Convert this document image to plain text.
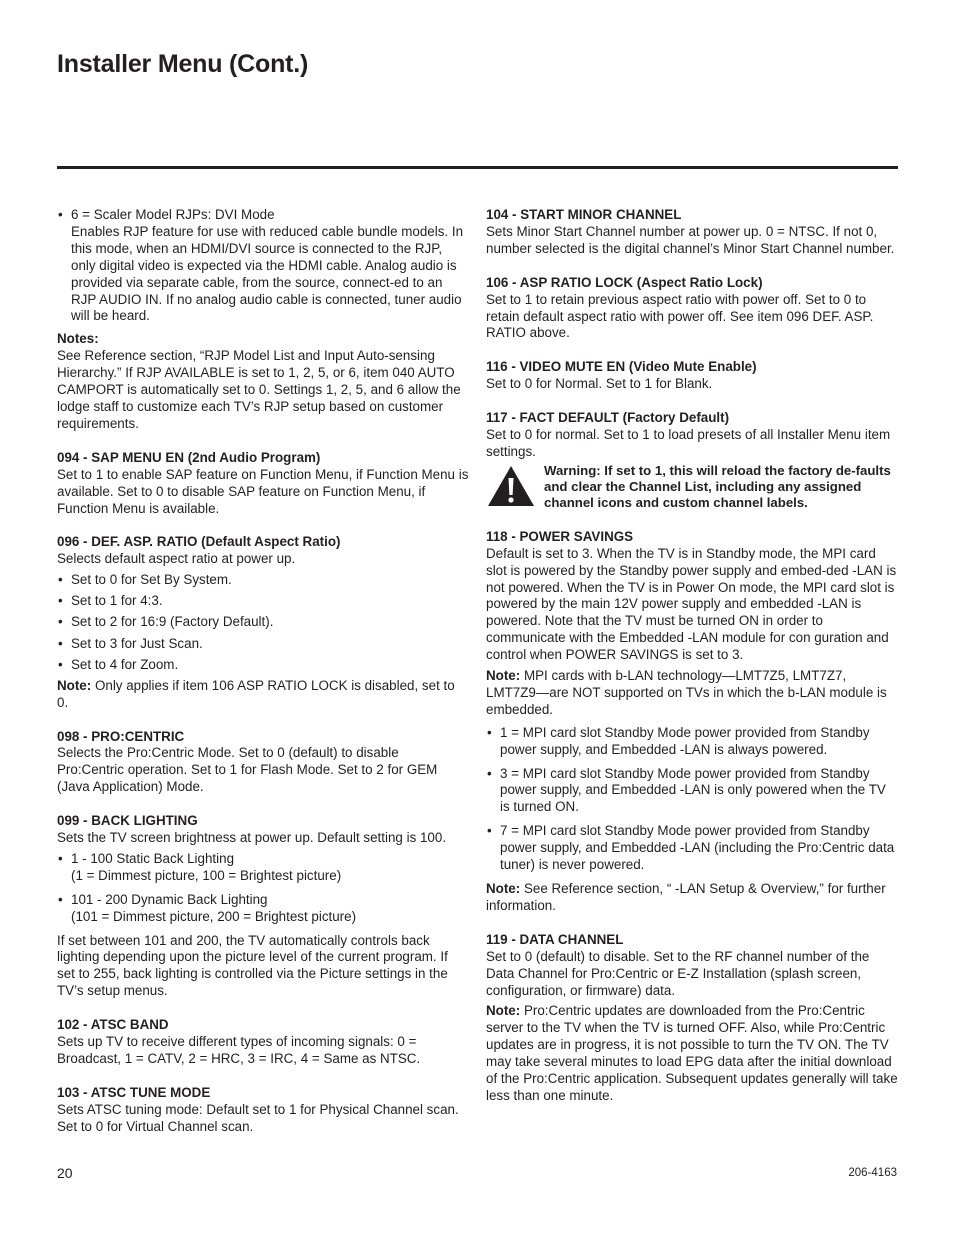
Installer Menu (Cont.)
• 6 = Scaler Model RJPs: DVI Mode
Enables RJP feature for use with reduced cable bundle models. In this mode, when an HDMI/DVI source is connected to the RJP, only digital video is expected via the HDMI cable. Analog audio is provided via separate cable, from the source, connect-ed to an RJP AUDIO IN. If no analog audio cable is connected, tuner audio will be heard.
Notes:

See Reference section, “RJP Model List and Input Auto-sensing Hierarchy.” If RJP AVAILABLE is set to 1, 2, 5, or 6, item 040 AUTO CAMPORT is automatically set to 0. Settings 1, 2, 5, and 6 allow the lodge staff to customize each TV’s RJP setup based on customer requirements.

094 - SAP MENU EN (2nd Audio Program)

Set to 1 to enable SAP feature on Function Menu, if Function Menu is available. Set to 0 to disable SAP feature on Function Menu, if Function Menu is available.

096 - DEF. ASP. RATIO (Default Aspect Ratio)

Selects default aspect ratio at power up.

• Set to 0 for Set By System.
• Set to 1 for 4:3.
• Set to 2 for 16:9 (Factory Default).
• Set to 3 for Just Scan.
• Set to 4 for Zoom.

Note: Only applies if item 106 ASP RATIO LOCK is disabled, set to 0.

098 - PRO:CENTRIC

Selects the Pro:Centric Mode. Set to 0 (default) to disable Pro:Centric operation. Set to 1 for Flash Mode. Set to 2 for GEM (Java Application) Mode.

099 - BACK LIGHTING

Sets the TV screen brightness at power up. Default setting is 100.

• 1 - 100 Static Back Lighting
(1 = Dimmest picture, 100 = Brightest picture)
• 101 - 200 Dynamic Back Lighting
(101 = Dimmest picture, 200 = Brightest picture)

If set between 101 and 200, the TV automatically controls back lighting depending upon the picture level of the current program. If set to 255, back lighting is controlled via the Picture settings in the TV’s setup menus.

102 - ATSC BAND

Sets up TV to receive different types of incoming signals: 0 = Broadcast, 1 = CATV, 2 = HRC, 3 = IRC, 4 = Same as NTSC.

103 - ATSC TUNE MODE

Sets ATSC tuning mode: Default set to 1 for Physical Channel scan. Set to 0 for Virtual Channel scan.

104 - START MINOR CHANNEL

Sets Minor Start Channel number at power up. 0 = NTSC. If not 0, number selected is the digital channel’s Minor Start Channel number.

106 - ASP RATIO LOCK (Aspect Ratio Lock)

Set to 1 to retain previous aspect ratio with power off. Set to 0 to retain default aspect ratio with power off. See item 096 DEF. ASP. RATIO above.

116 - VIDEO MUTE EN (Video Mute Enable)

Set to 0 for Normal. Set to 1 for Blank.

117 - FACT DEFAULT (Factory Default)

Set to 0 for normal. Set to 1 to load presets of all Installer Menu item settings.

Warning: If set to 1, this will reload the factory de-faults and clear the Channel List, including any assigned channel icons and custom channel labels.
118 - POWER SAVINGS

Default is set to 3. When the TV is in Standby mode, the MPI card slot is powered by the Standby power supply and embed-ded -LAN is not powered. When the TV is in Power On mode, the MPI card slot is powered by the main 12V power supply and embedded -LAN is powered. Note that the TV must be turned ON in order to communicate with the Embedded -LAN module for con guration and control when POWER SAVINGS is set to 3.

Note: MPI cards with b-LAN technology—LMT7Z5, LMT7Z7, LMT7Z9—are NOT supported on TVs in which the b-LAN module is embedded.

• 1 = MPI card slot Standby Mode power provided from Standby power supply, and Embedded -LAN is always powered.
• 3 = MPI card slot Standby Mode power provided from Standby power supply, and Embedded -LAN is only powered when the TV is turned ON.
• 7 = MPI card slot Standby Mode power provided from Standby power supply, and Embedded -LAN (including the Pro:Centric data tuner) is never powered.

Note: See Reference section, “ -LAN Setup & Overview,” for further information.

119 - DATA CHANNEL

Set to 0 (default) to disable. Set to the RF channel number of the Data Channel for Pro:Centric or E-Z Installation (splash screen, configuration, or firmware) data.

Note: Pro:Centric updates are downloaded from the Pro:Centric server to the TV when the TV is turned OFF. Also, while Pro:Centric updates are in progress, it is not possible to turn the TV ON. The TV may take several minutes to load EPG data after the initial download of the Pro:Centric application. Subsequent updates generally will take less than one minute.

20	206-4163
